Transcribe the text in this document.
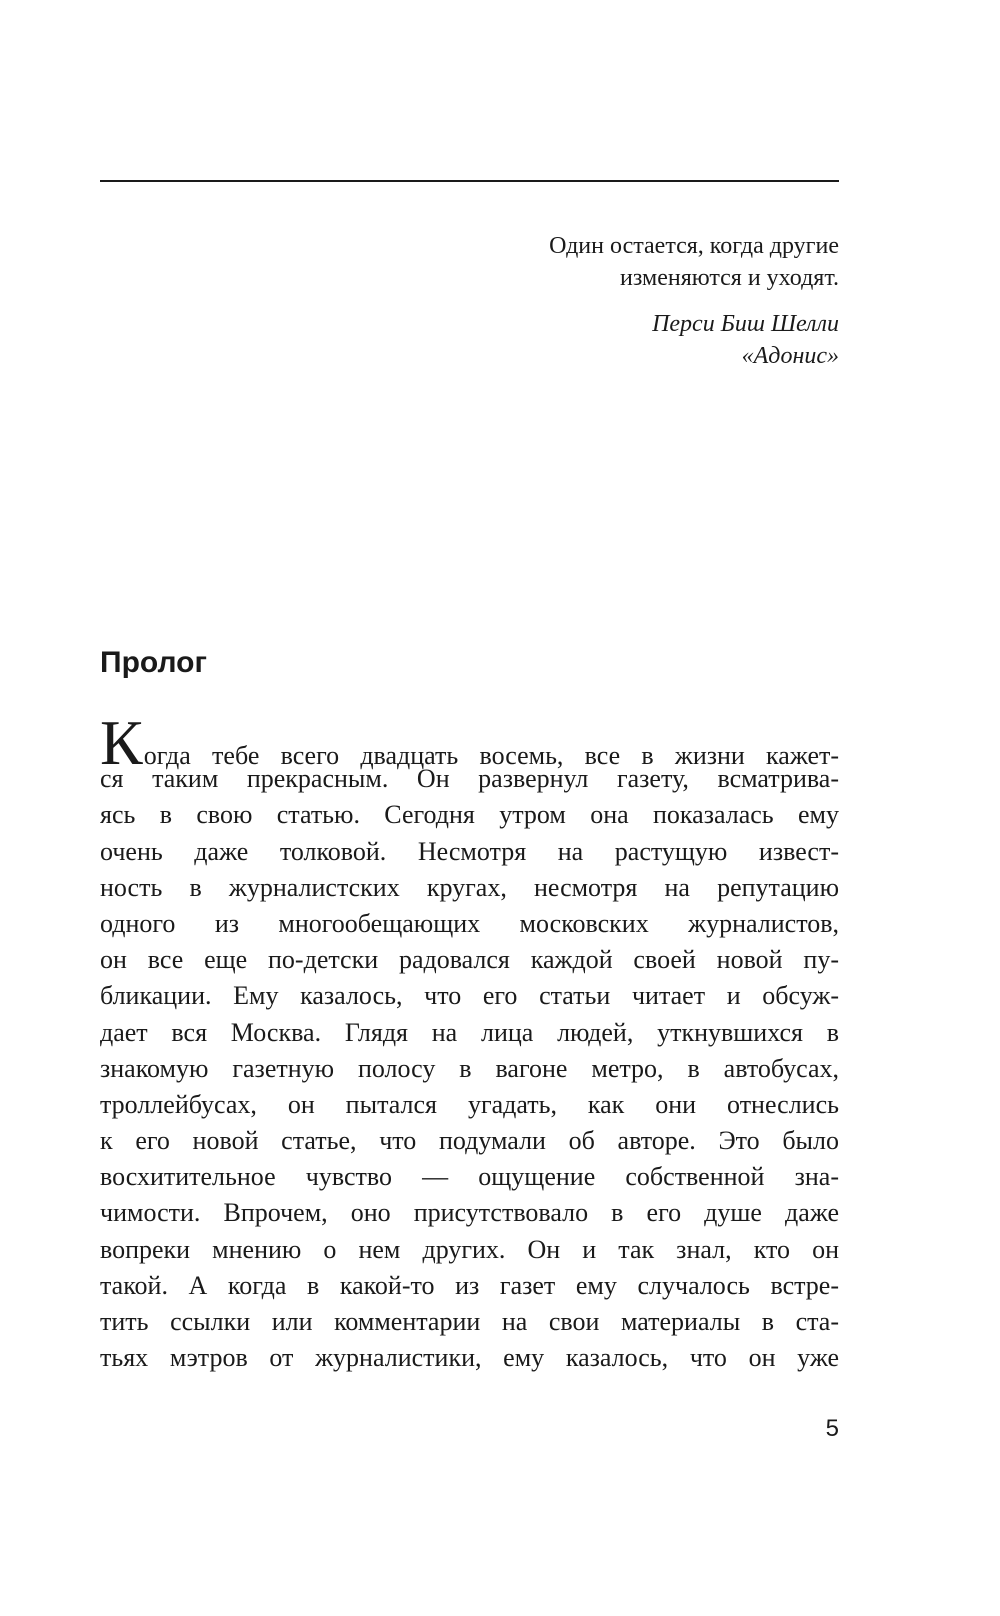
Один остается, когда другие
изменяются и уходят.
Перси Биш Шелли
«Адонис»
Пролог
Когда тебе всего двадцать восемь, все в жизни кажет-
ся таким прекрасным. Он развернул газету, всматрива-
ясь в свою статью. Сегодня утром она показалась ему
очень даже толковой. Несмотря на растущую извест-
ность в журналистских кругах, несмотря на репутацию
одного из многообещающих московских журналистов,
он все еще по-детски радовался каждой своей новой пу-
бликации. Ему казалось, что его статьи читает и обсуж-
дает вся Москва. Глядя на лица людей, уткнувшихся в
знакомую газетную полосу в вагоне метро, в автобусах,
троллейбусах, он пытался угадать, как они отнеслись
к его новой статье, что подумали об авторе. Это было
восхитительное чувство — ощущение собственной зна-
чимости. Впрочем, оно присутствовало в его душе даже
вопреки мнению о нем других. Он и так знал, кто он
такой. А когда в какой-то из газет ему случалось встре-
тить ссылки или комментарии на свои материалы в ста-
тьях мэтров от журналистики, ему казалось, что он уже
5
